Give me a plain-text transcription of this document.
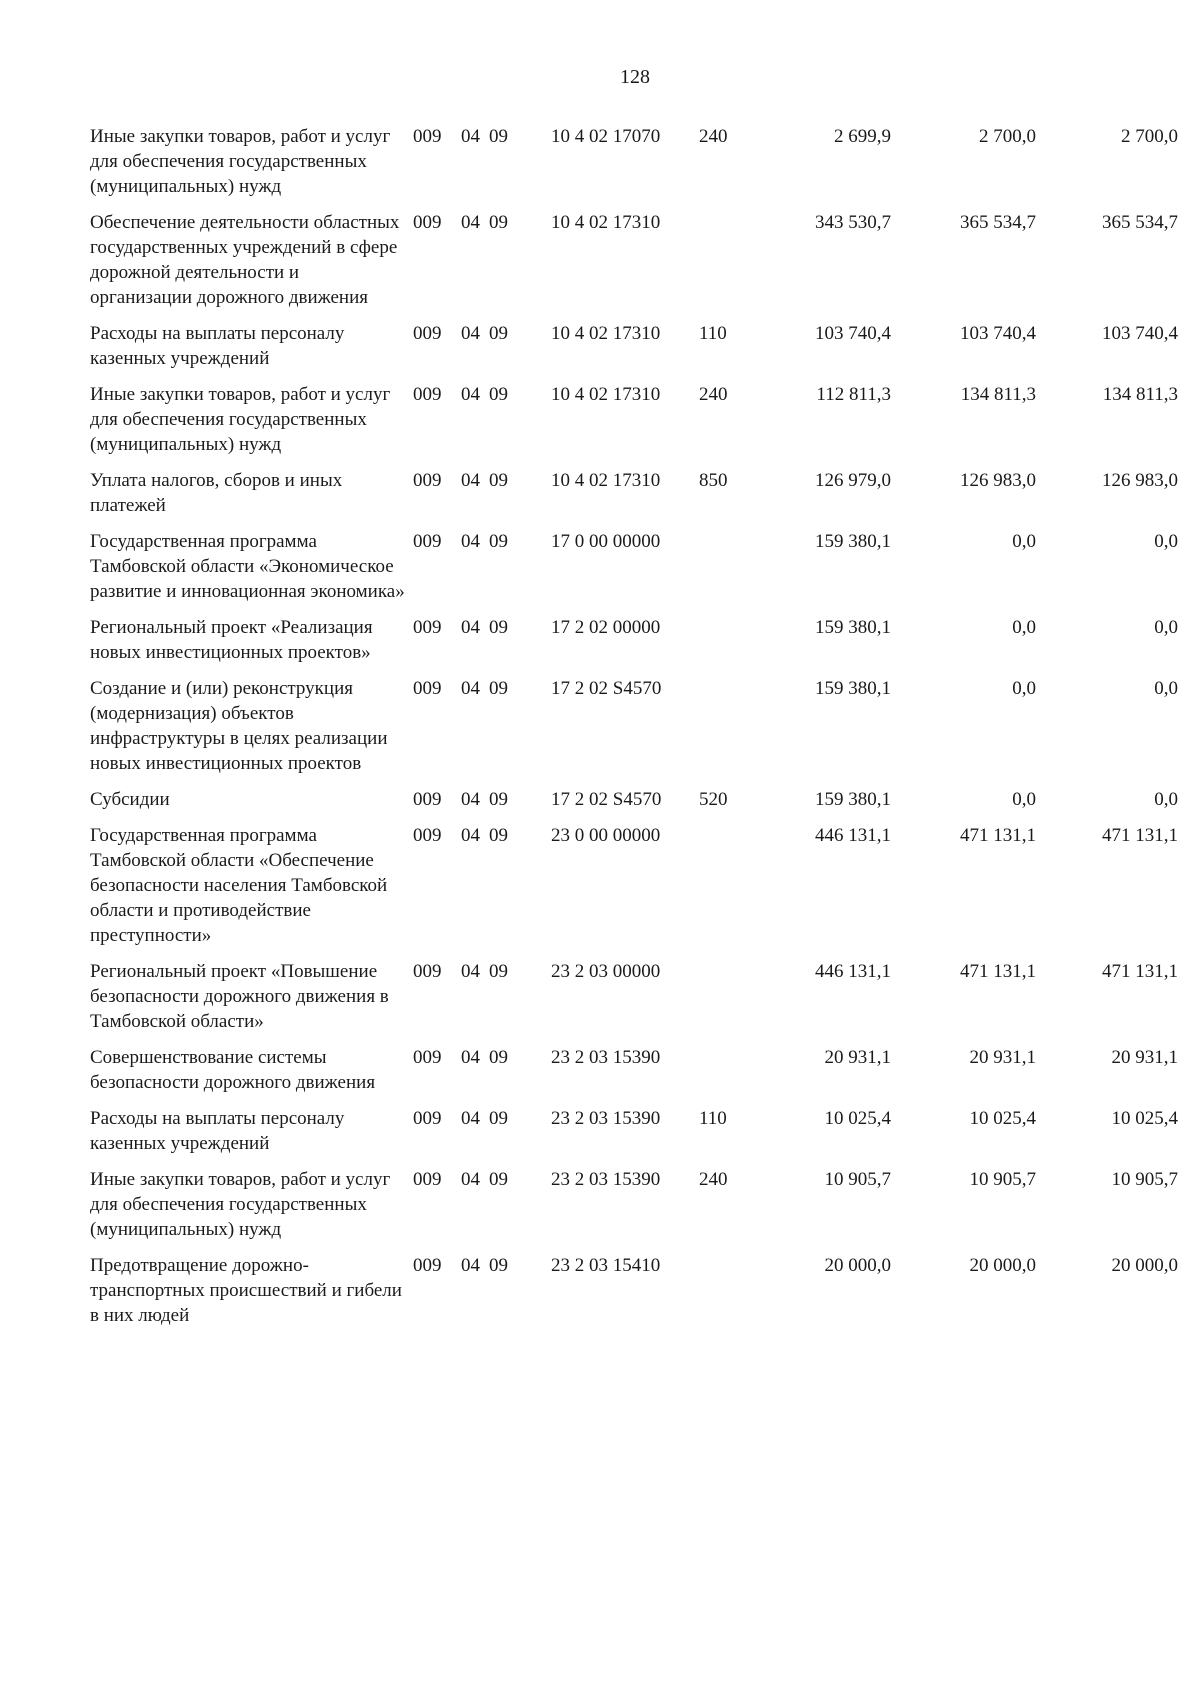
128
Иные закупки товаров, работ и услуг для обеспечения государственных (муниципальных) нужд	009	04	09	10 4 02 17070	240	2 699,9	2 700,0	2 700,0
Обеспечение деятельности областных государственных учреждений в сфере дорожной деятельности и организации дорожного движения	009	04	09	10 4 02 17310		343 530,7	365 534,7	365 534,7
Расходы на выплаты персоналу казенных учреждений	009	04	09	10 4 02 17310	110	103 740,4	103 740,4	103 740,4
Иные закупки товаров, работ и услуг для обеспечения государственных (муниципальных) нужд	009	04	09	10 4 02 17310	240	112 811,3	134 811,3	134 811,3
Уплата налогов, сборов и иных платежей	009	04	09	10 4 02 17310	850	126 979,0	126 983,0	126 983,0
Государственная программа Тамбовской области «Экономическое развитие и инновационная экономика»	009	04	09	17 0 00 00000		159 380,1	0,0	0,0
Региональный проект «Реализация новых инвестиционных проектов»	009	04	09	17 2 02 00000		159 380,1	0,0	0,0
Создание и (или) реконструкция (модернизация) объектов инфраструктуры в целях реализации новых инвестиционных проектов	009	04	09	17 2 02 S4570		159 380,1	0,0	0,0
Субсидии	009	04	09	17 2 02 S4570	520	159 380,1	0,0	0,0
Государственная программа Тамбовской области «Обеспечение безопасности населения Тамбовской области и противодействие преступности»	009	04	09	23 0 00 00000		446 131,1	471 131,1	471 131,1
Региональный проект «Повышение безопасности дорожного движения в Тамбовской области»	009	04	09	23 2 03 00000		446 131,1	471 131,1	471 131,1
Совершенствование системы безопасности дорожного движения	009	04	09	23 2 03 15390		20 931,1	20 931,1	20 931,1
Расходы на выплаты персоналу казенных учреждений	009	04	09	23 2 03 15390	110	10 025,4	10 025,4	10 025,4
Иные закупки товаров, работ и услуг для обеспечения государственных (муниципальных) нужд	009	04	09	23 2 03 15390	240	10 905,7	10 905,7	10 905,7
Предотвращение дорожно-транспортных происшествий и гибели в них людей	009	04	09	23 2 03 15410		20 000,0	20 000,0	20 000,0
